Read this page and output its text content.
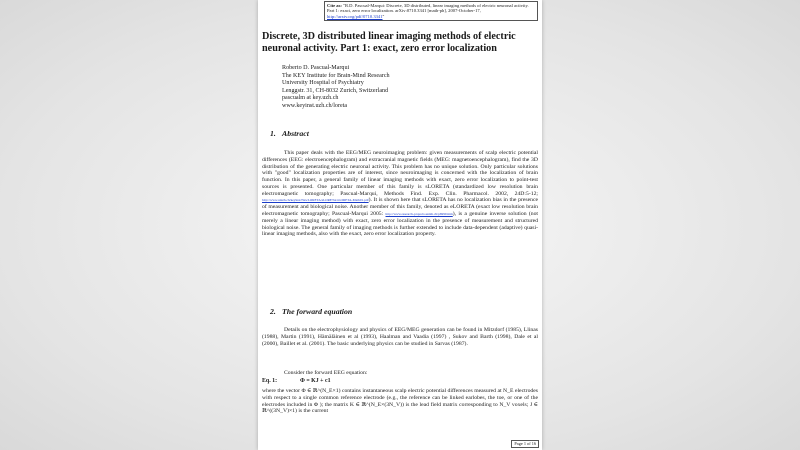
Cite as: "R.D. Pascual-Marqui: Discrete, 3D distributed, linear imaging methods of electric neuronal activity. Part 1: exact, zero error localization. arXiv:0710.3341 [math-ph], 2007-October-17, http://arxiv.org/pdf/0710.3341"
Discrete, 3D distributed linear imaging methods of electric neuronal activity. Part 1: exact, zero error localization
Roberto D. Pascual-Marqui
The KEY Institute for Brain-Mind Research
University Hospital of Psychiatry
Lenggstr. 31, CH-8032 Zurich, Switzerland
pascualm at key.uzh.ch
www.keyinst.uzh.ch/loreta
1. Abstract
This paper deals with the EEG/MEG neuroimaging problem: given measurements of scalp electric potential differences (EEG: electroencephalogram) and extracranial magnetic fields (MEG: magnetoencephalogram), find the 3D distribution of the generating electric neuronal activity. This problem has no unique solution. Only particular solutions with "good" localization properties are of interest, since neuroimaging is concerned with the localization of brain function. In this paper, a general family of linear imaging methods with exact, zero error localization to point-test sources is presented. One particular member of this family is sLORETA (standardized low resolution brain electromagnetic tomography; Pascual-Marqui, Methods Find. Exp. Clin. Pharmacol. 2002, 24D:5-12; http://www.unizh.ch/keyinst/NewLORETA/sLORETA/sLORETA-Math01.pdf). It is shown here that sLORETA has no localization bias in the presence of measurement and biological noise. Another member of this family, denoted as eLORETA (exact low resolution brain electromagnetic tomography; Pascual-Marqui 2005: http://www.research-projects.unizh.ch/p6990.htm), is a genuine inverse solution (not merely a linear imaging method) with exact, zero error localization in the presence of measurement and structured biological noise. The general family of imaging methods is further extended to include data-dependent (adaptive) quasi-linear imaging methods, also with the exact, zero error localization property.
2. The forward equation
Details on the electrophysiology and physics of EEG/MEG generation can be found in Mitzdorf (1985), Llinas (1988), Martin (1991), Hämäläinen et al (1993), Haalman and Vaadia (1997) , Sukov and Barth (1998), Dale et al (2000), Baillet et al. (2001). The basic underlying physics can be studied in Sarvas (1987).
Consider the forward EEG equation:
Eq. 1:	Φ = KJ + c1
where the vector Φ ∈ ℝ^(N_E×1) contains instantaneous scalp electric potential differences measured at N_E electrodes with respect to a single common reference electrode (e.g., the reference can be linked earlobes, the toe, or one of the electrodes included in Φ ); the matrix K ∈ ℝ^(N_E×(3N_V)) is the lead field matrix corresponding to N_V voxels; J ∈ ℝ^((3N_V)×1) is the current
Page 1 of 16
